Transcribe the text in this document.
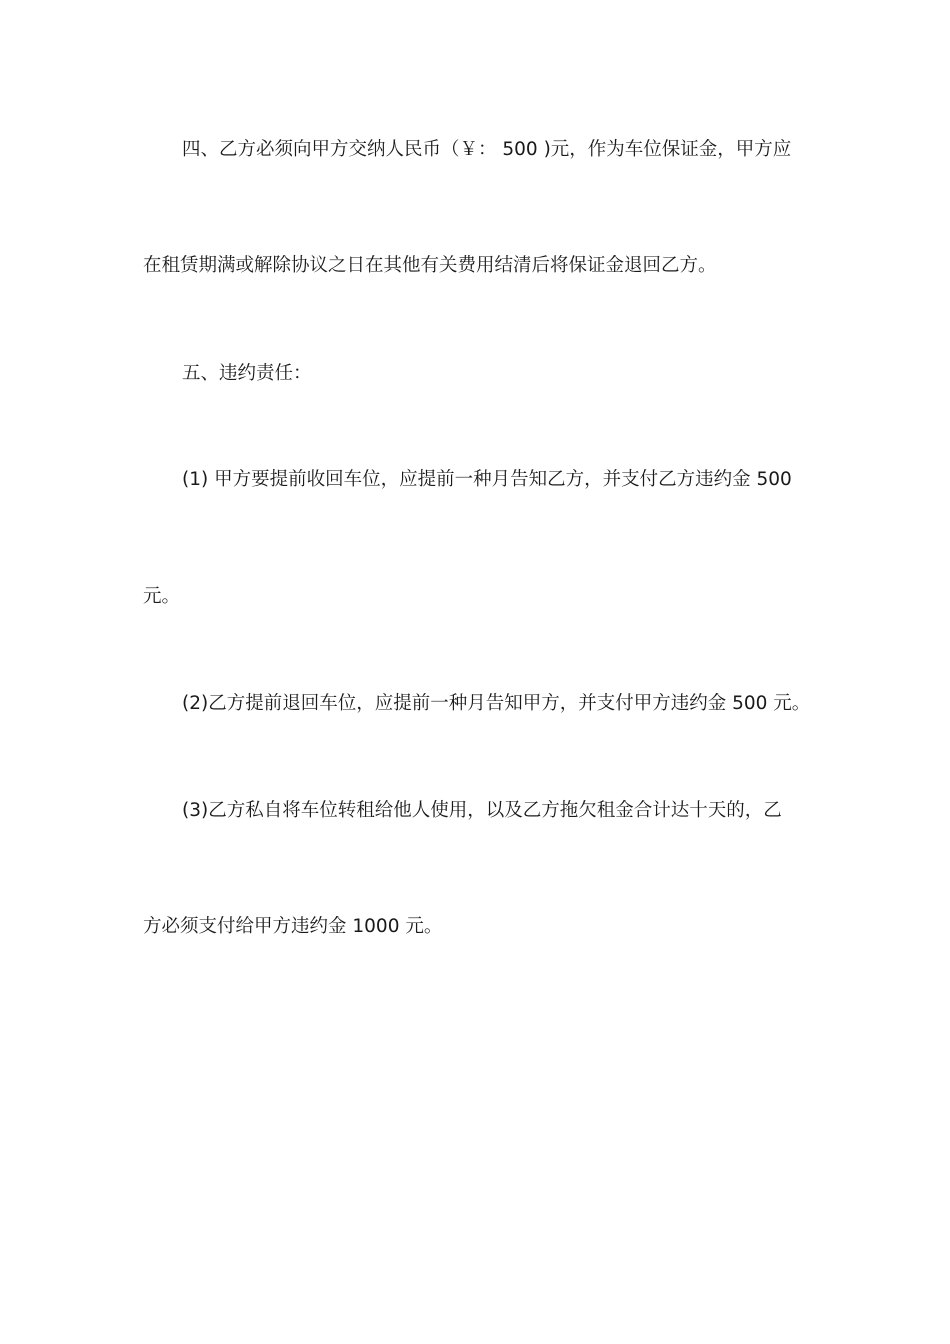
四、乙方必须向甲方交纳人民币（￥： 500 )元，作为车位保证金，甲方应
在租赁期满或解除协议之日在其他有关费用结清后将保证金退回乙方。
五、违约责任：
(1) 甲方要提前收回车位，应提前一种月告知乙方，并支付乙方违约金 500
元。
(2)乙方提前退回车位，应提前一种月告知甲方，并支付甲方违约金 500 元。
(3)乙方私自将车位转租给他人使用，以及乙方拖欠租金合计达十天的，乙
方必须支付给甲方违约金 1000 元。
